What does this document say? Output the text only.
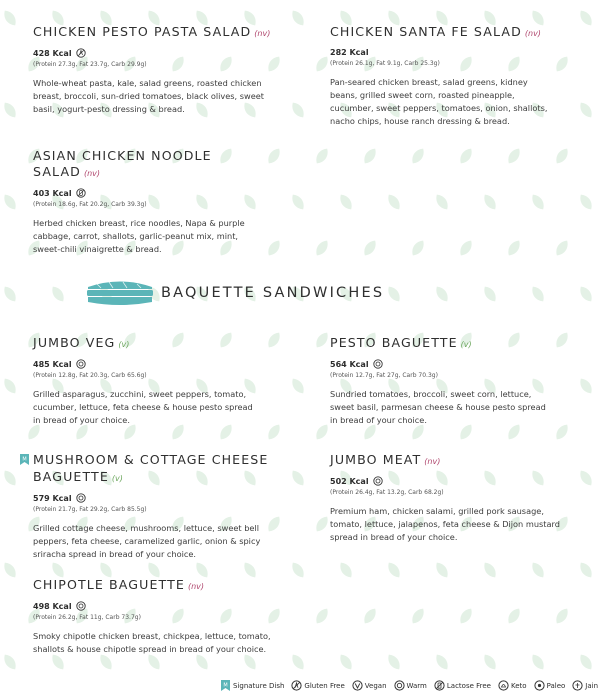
CHICKEN PESTO PASTA SALAD (nv)
428 Kcal
(Protein 27.3g, Fat 23.7g, Carb 29.9g)
Whole-wheat pasta, kale, salad greens, roasted chicken
breast, broccoli, sun-dried tomatoes, black olives, sweet
basil, yogurt-pesto dressing & bread.
CHICKEN SANTA FE SALAD (nv)
282 Kcal
(Protein 26.1g, Fat 9.1g, Carb 25.3g)
Pan-seared chicken breast, salad greens, kidney
beans, grilled sweet corn, roasted pineapple,
cucumber, sweet peppers, tomatoes, onion, shallots,
nacho chips, house ranch dressing & bread.
ASIAN CHICKEN NOODLE SALAD (nv)
403 Kcal
(Protein 18.6g, Fat 20.2g, Carb 39.3g)
Herbed chicken breast, rice noodles, Napa & purple
cabbage, carrot, shallots, garlic-peanut mix, mint,
sweet-chili vinaigrette & bread.
BAQUETTE SANDWICHES
JUMBO VEG (v)
485 Kcal
(Protein 12.8g, Fat 20.3g, Carb 65.6g)
Grilled asparagus, zucchini, sweet peppers, tomato,
cucumber, lettuce, feta cheese & house pesto spread
in bread of your choice.
PESTO BAGUETTE (v)
564 Kcal
(Protein 12.7g, Fat 27g, Carb 70.3g)
Sundried tomatoes, broccoli, sweet corn, lettuce,
sweet basil, parmesan cheese & house pesto spread
in bread of your choice.
M MUSHROOM & COTTAGE CHEESE
BAGUETTE (v)
579 Kcal
(Protein 21.7g, Fat 29.2g, Carb 85.5g)
Grilled cottage cheese, mushrooms, lettuce, sweet bell
peppers, feta cheese, caramelized garlic, onion & spicy
sriracha spread in bread of your choice.
JUMBO MEAT (nv)
502 Kcal
(Protein 26.4g, Fat 13.2g, Carb 68.2g)
Premium ham, chicken salami, grilled pork sausage,
tomato, lettuce, jalapenos, feta cheese & Dijon mustard
spread in bread of your choice.
CHIPOTLE BAGUETTE (nv)
498 Kcal
(Protein 26.2g, Fat 11g, Carb 73.7g)
Smoky chipotle chicken breast, chickpea, lettuce, tomato,
shallots & house chipotle spread in bread of your choice.
M Signature Dish	Gluten Free	Vegan	Warm	Lactose Free	Keto	Paleo	Jain
